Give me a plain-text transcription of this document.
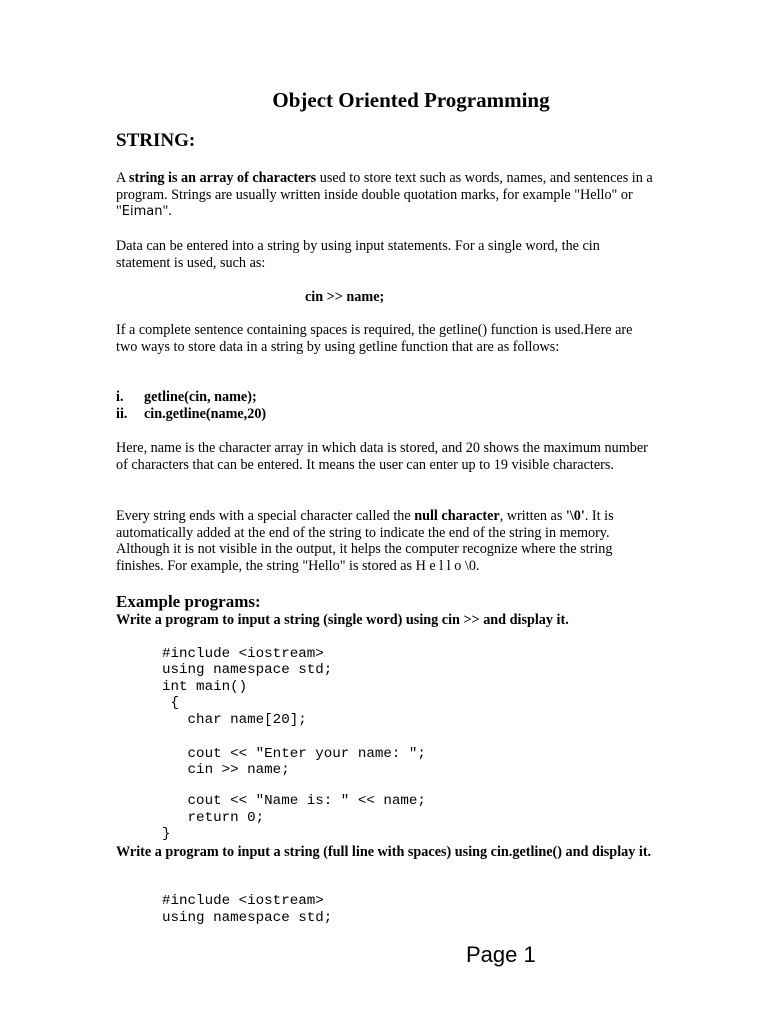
Object Oriented Programming
STRING:

A string is an array of characters used to store text such as words, names, and sentences in a program. Strings are usually written inside double quotation marks, for example "Hello" or "Eiman".

Data can be entered into a string by using input statements. For a single word, the cin statement is used, such as:

cin >> name;

If a complete sentence containing spaces is required, the getline() function is used.Here are two ways to store data in a string by using getline function that are as follows:

i.	getline(cin, name);
ii.	cin.getline(name,20)

Here, name is the character array in which data is stored, and 20 shows the maximum number of characters that can be entered. It means the user can enter up to 19 visible characters.

Every string ends with a special character called the null character, written as '\0'. It is automatically added at the end of the string to indicate the end of the string in memory. Although it is not visible in the output, it helps the computer recognize where the string finishes. For example, the string "Hello" is stored as H e l l o \0.

Example programs:

Write a program to input a string (single word) using cin >> and display it.

#include <iostream>
using namespace std;
int main()
{
char name[20];
cout << "Enter your name: ";
cin >> name;
cout << "Name is: " << name;
return 0;
}

Write a program to input a string (full line with spaces) using cin.getline() and display it.

#include <iostream>
using namespace std;
Page 1
